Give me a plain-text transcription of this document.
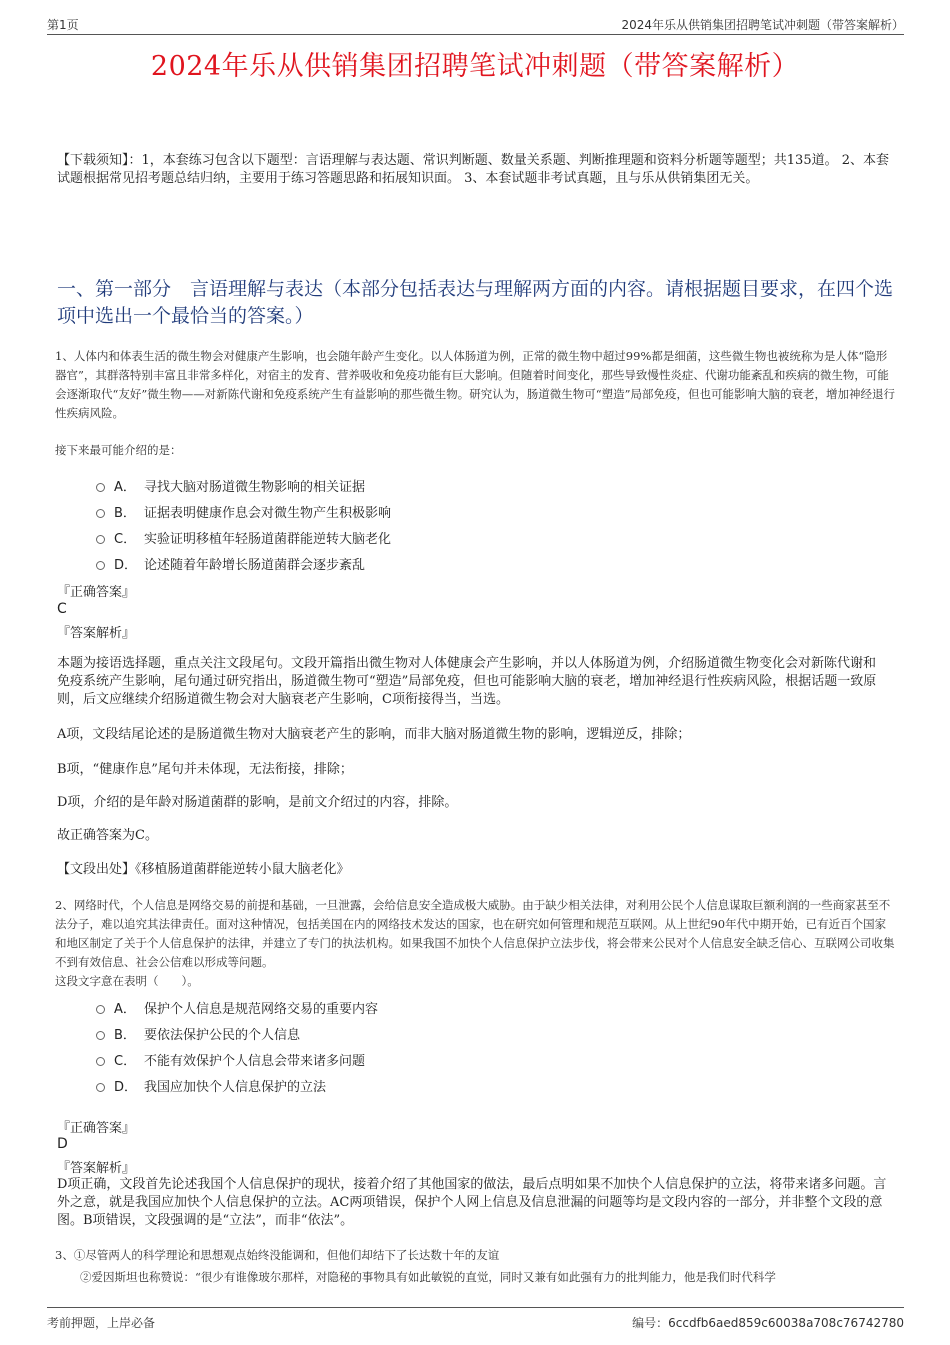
第1页	2024年乐从供销集团招聘笔试冲刺题（带答案解析）
2024年乐从供销集团招聘笔试冲刺题（带答案解析）
【下载须知】：1，本套练习包含以下题型：言语理解与表达题、常识判断题、数量关系题、判断推理题和资料分析题等题型；共135道。 2、本套试题根据常见招考题总结归纳，主要用于练习答题思路和拓展知识面。 3、本套试题非考试真题，且与乐从供销集团无关。
一、第一部分　言语理解与表达（本部分包括表达与理解两方面的内容。请根据题目要求，在四个选项中选出一个最恰当的答案。）
1、人体内和体表生活的微生物会对健康产生影响，也会随年龄产生变化。以人体肠道为例，正常的微生物中超过99%都是细菌，这些微生物也被统称为是人体“隐形器官”，其群落特别丰富且非常多样化，对宿主的发育、营养吸收和免疫功能有巨大影响。但随着时间变化，那些导致慢性炎症、代谢功能紊乱和疾病的微生物，可能会逐渐取代“友好”微生物——对新陈代谢和免疫系统产生有益影响的那些微生物。研究认为，肠道微生物可“塑造”局部免疫，但也可能影响大脑的衰老，增加神经退行性疾病风险。
接下来最可能介绍的是：
A． 寻找大脑对肠道微生物影响的相关证据
B． 证据表明健康作息会对微生物产生积极影响
C． 实验证明移植年轻肠道菌群能逆转大脑老化
D． 论述随着年龄增长肠道菌群会逐步紊乱
『正确答案』
C
『答案解析』
本题为接语选择题，重点关注文段尾句。文段开篇指出微生物对人体健康会产生影响，并以人体肠道为例，介绍肠道微生物变化会对新陈代谢和免疫系统产生影响，尾句通过研究指出，肠道微生物可“塑造”局部免疫，但也可能影响大脑的衰老，增加神经退行性疾病风险，根据话题一致原则，后文应继续介绍肠道微生物会对大脑衰老产生影响，C项衔接得当，当选。
A项，文段结尾论述的是肠道微生物对大脑衰老产生的影响，而非大脑对肠道微生物的影响，逻辑逆反，排除；
B项，“健康作息”尾句并未体现，无法衔接，排除；
D项，介绍的是年龄对肠道菌群的影响，是前文介绍过的内容，排除。
故正确答案为C。
【文段出处】《移植肠道菌群能逆转小鼠大脑老化》
2、网络时代，个人信息是网络交易的前提和基础，一旦泄露，会给信息安全造成极大威胁。由于缺少相关法律，对利用公民个人信息谋取巨额利润的一些商家甚至不法分子，难以追究其法律责任。面对这种情况，包括美国在内的网络技术发达的国家，也在研究如何管理和规范互联网。从上世纪90年代中期开始，已有近百个国家和地区制定了关于个人信息保护的法律，并建立了专门的执法机构。如果我国不加快个人信息保护立法步伐，将会带来公民对个人信息安全缺乏信心、互联网公司收集不到有效信息、社会公信难以形成等问题。
这段文字意在表明（　　）。
A． 保护个人信息是规范网络交易的重要内容
B． 要依法保护公民的个人信息
C． 不能有效保护个人信息会带来诸多问题
D． 我国应加快个人信息保护的立法
『正确答案』
D
『答案解析』
D项正确，文段首先论述我国个人信息保护的现状，接着介绍了其他国家的做法，最后点明如果不加快个人信息保护的立法，将带来诸多问题。言外之意，就是我国应加快个人信息保护的立法。AC两项错误，保护个人网上信息及信息泄漏的问题等均是文段内容的一部分，并非整个文段的意图。B项错误，文段强调的是“立法”，而非“依法”。
3、①尽管两人的科学理论和思想观点始终没能调和，但他们却结下了长达数十年的友谊
②爱因斯坦也称赞说：“很少有谁像玻尔那样，对隐秘的事物具有如此敏锐的直觉，同时又兼有如此强有力的批判能力，他是我们时代科学
考前押题，上岸必备	编号：6ccdfb6aed859c60038a708c76742780
